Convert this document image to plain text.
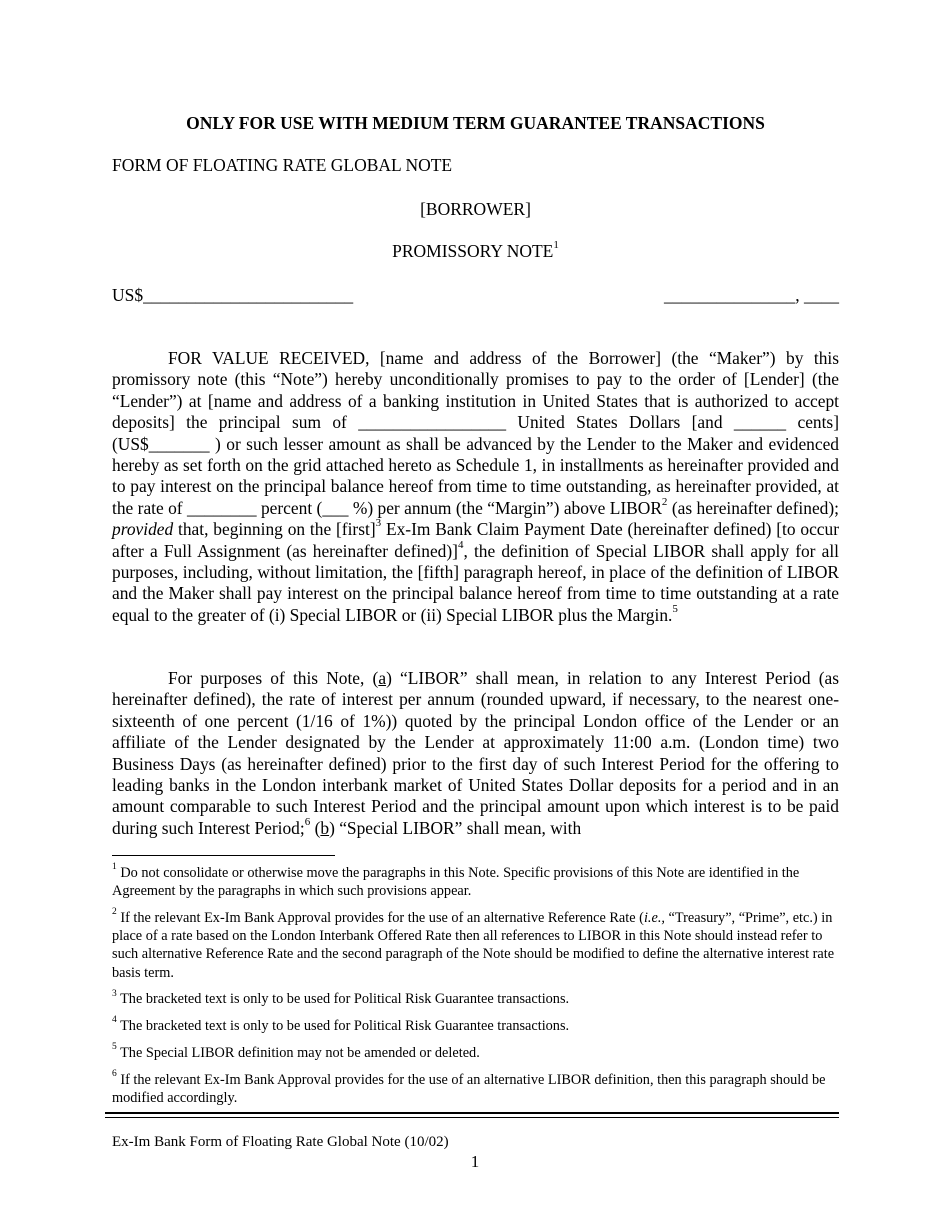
ONLY FOR USE WITH MEDIUM TERM GUARANTEE TRANSACTIONS
FORM OF FLOATING RATE GLOBAL NOTE
[BORROWER]
PROMISSORY NOTE$^1$
US$________________________	_______________, ____
FOR VALUE RECEIVED, [name and address of the Borrower] (the “Maker”) by this promissory note (this “Note”) hereby unconditionally promises to pay to the order of [Lender] (the “Lender”) at [name and address of a banking institution in United States that is authorized to accept deposits] the principal sum of _________________ United States Dollars [and ______ cents] (US$_______ ) or such lesser amount as shall be advanced by the Lender to the Maker and evidenced hereby as set forth on the grid attached hereto as Schedule 1, in installments as hereinafter provided and to pay interest on the principal balance hereof from time to time outstanding, as hereinafter provided, at the rate of ________ percent (___ %) per annum (the “Margin”) above LIBOR$^2$ (as hereinafter defined); provided that, beginning on the [first]$^3$ Ex-Im Bank Claim Payment Date (hereinafter defined) [to occur after a Full Assignment (as hereinafter defined)]$^4$, the definition of Special LIBOR shall apply for all purposes, including, without limitation, the [fifth] paragraph hereof, in place of the definition of LIBOR and the Maker shall pay interest on the principal balance hereof from time to time outstanding at a rate equal to the greater of (i) Special LIBOR or (ii) Special LIBOR plus the Margin.$^5$
For purposes of this Note, (a) “LIBOR” shall mean, in relation to any Interest Period (as hereinafter defined), the rate of interest per annum (rounded upward, if necessary, to the nearest one-sixteenth of one percent (1/16 of 1%)) quoted by the principal London office of the Lender or an affiliate of the Lender designated by the Lender at approximately 11:00 a.m. (London time) two Business Days (as hereinafter defined) prior to the first day of such Interest Period for the offering to leading banks in the London interbank market of United States Dollar deposits for a period and in an amount comparable to such Interest Period and the principal amount upon which interest is to be paid during such Interest Period;$^6$ (b) “Special LIBOR” shall mean, with
$^1$ Do not consolidate or otherwise move the paragraphs in this Note. Specific provisions of this Note are identified in the Agreement by the paragraphs in which such provisions appear.
$^2$ If the relevant Ex-Im Bank Approval provides for the use of an alternative Reference Rate (i.e., “Treasury”, “Prime”, etc.) in place of a rate based on the London Interbank Offered Rate then all references to LIBOR in this Note should instead refer to such alternative Reference Rate and the second paragraph of the Note should be modified to define the alternative interest rate basis term.
$^3$ The bracketed text is only to be used for Political Risk Guarantee transactions.
$^4$ The bracketed text is only to be used for Political Risk Guarantee transactions.
$^5$ The Special LIBOR definition may not be amended or deleted.
$^6$ If the relevant Ex-Im Bank Approval provides for the use of an alternative LIBOR definition, then this paragraph should be modified accordingly.
Ex-Im Bank Form of Floating Rate Global Note (10/02)
1
